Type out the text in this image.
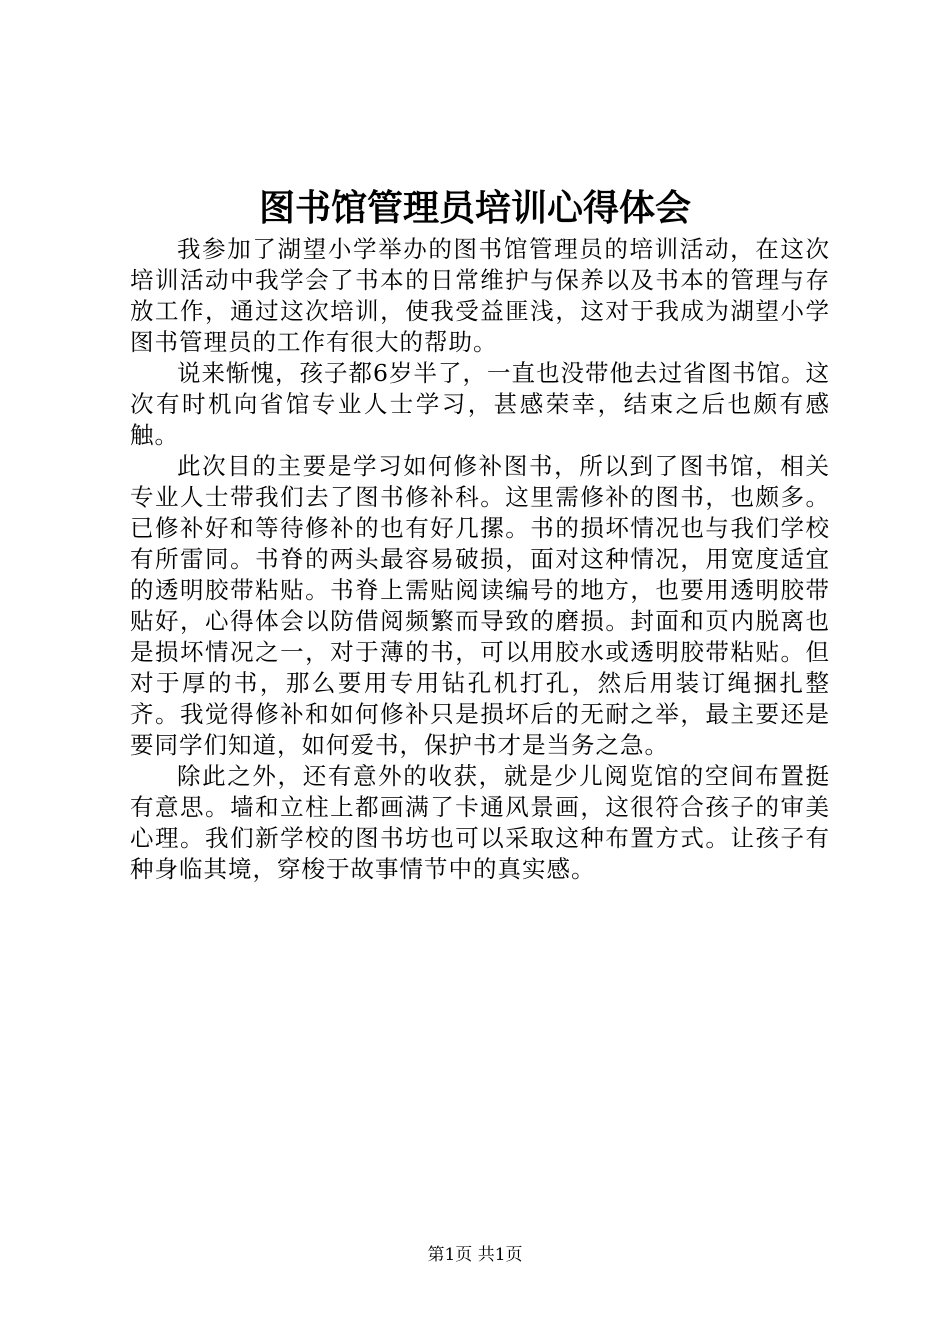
图书馆管理员培训心得体会

我参加了湖望小学举办的图书馆管理员的培训活动，在这次培训活动中我学会了书本的日常维护与保养以及书本的管理与存放工作，通过这次培训，使我受益匪浅，这对于我成为湖望小学图书管理员的工作有很大的帮助。

说来惭愧，孩子都6岁半了，一直也没带他去过省图书馆。这次有时机向省馆专业人士学习，甚感荣幸，结束之后也颇有感触。

此次目的主要是学习如何修补图书，所以到了图书馆，相关专业人士带我们去了图书修补科。这里需修补的图书，也颇多。已修补好和等待修补的也有好几摞。书的损坏情况也与我们学校有所雷同。书脊的两头最容易破损，面对这种情况，用宽度适宜的透明胶带粘贴。书脊上需贴阅读编号的地方，也要用透明胶带贴好，心得体会以防借阅频繁而导致的磨损。封面和页内脱离也是损坏情况之一，对于薄的书，可以用胶水或透明胶带粘贴。但对于厚的书，那么要用专用钻孔机打孔，然后用装订绳捆扎整齐。我觉得修补和如何修补只是损坏后的无耐之举，最主要还是要同学们知道，如何爱书，保护书才是当务之急。

除此之外，还有意外的收获，就是少儿阅览馆的空间布置挺有意思。墙和立柱上都画满了卡通风景画，这很符合孩子的审美心理。我们新学校的图书坊也可以采取这种布置方式。让孩子有种身临其境，穿梭于故事情节中的真实感。

第1页 共1页
